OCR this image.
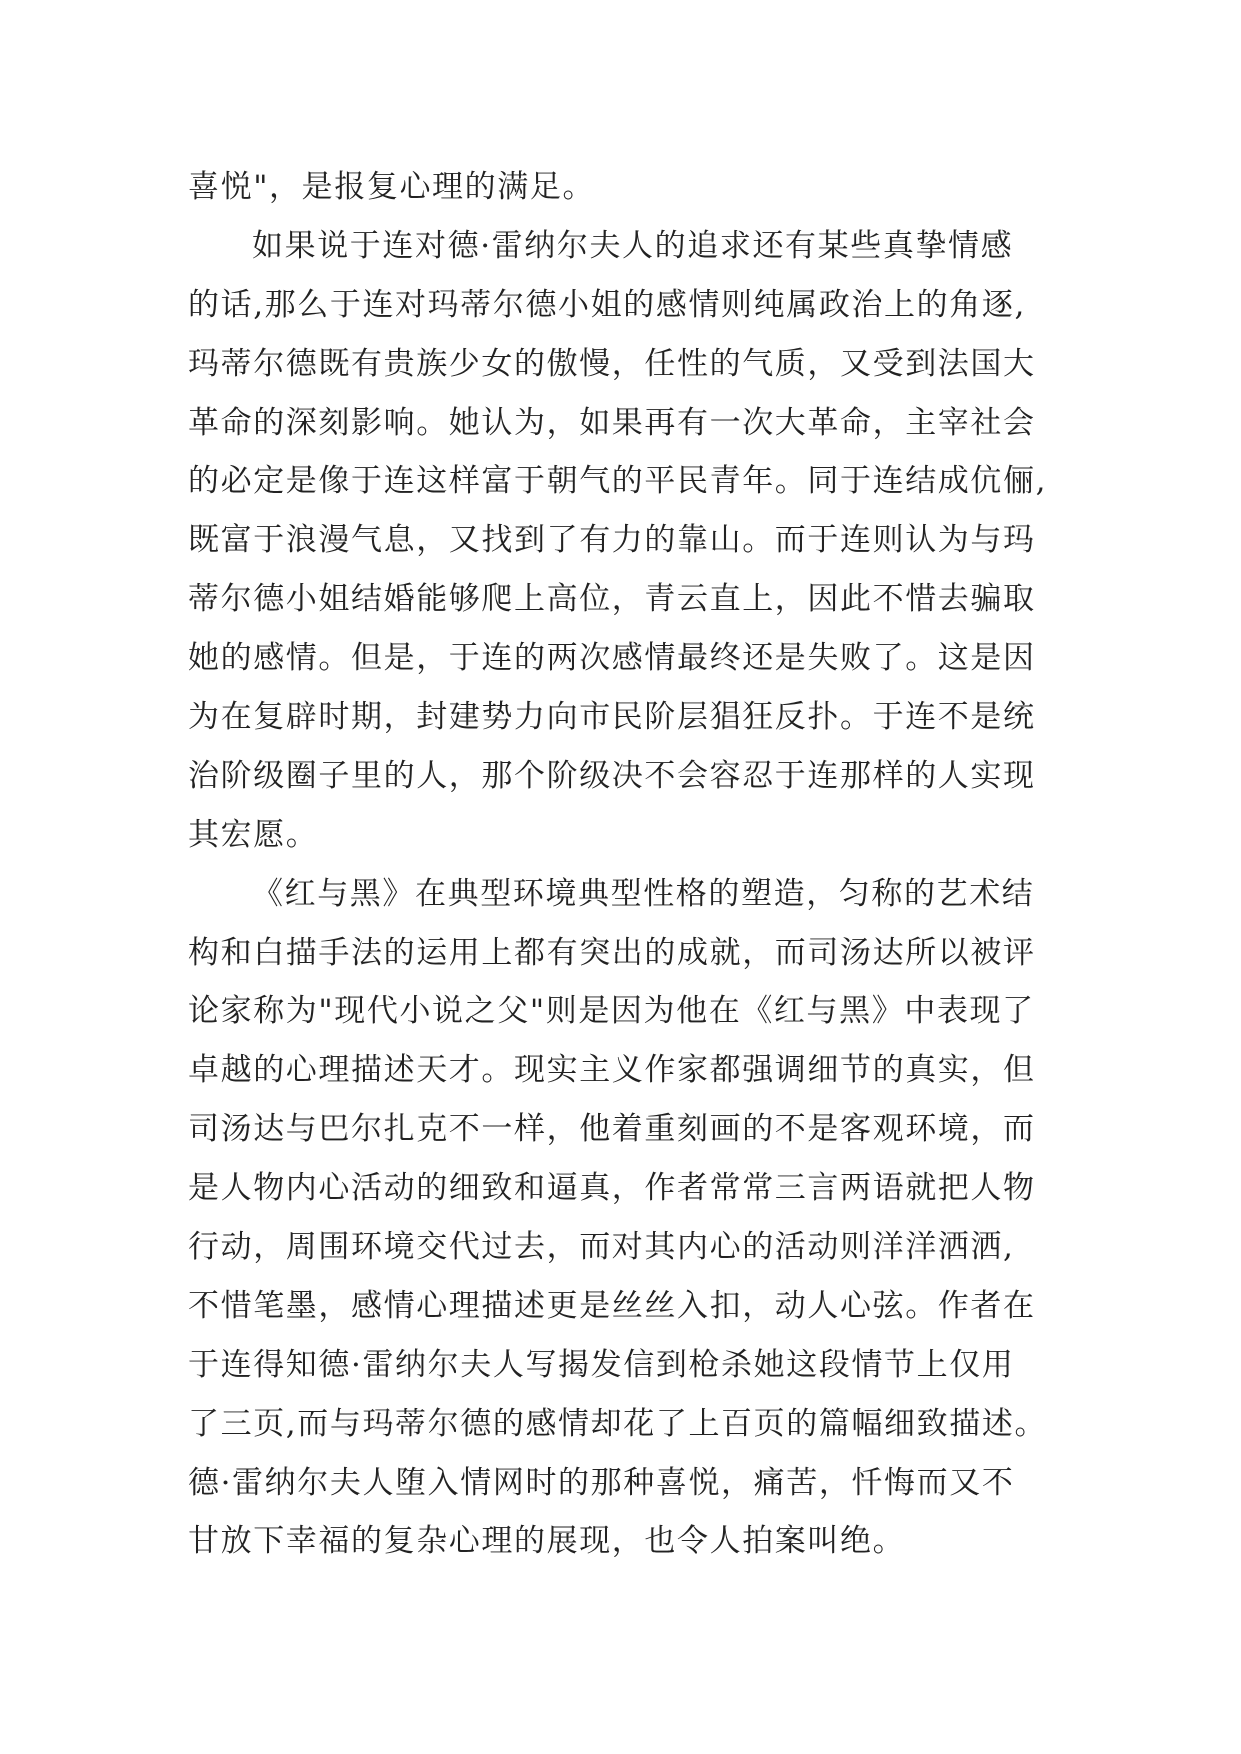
喜悦"，是报复心理的满足。
如果说于连对德·雷纳尔夫人的追求还有某些真挚情感
的话,那么于连对玛蒂尔德小姐的感情则纯属政治上的角逐,
玛蒂尔德既有贵族少女的傲慢，任性的气质，又受到法国大
革命的深刻影响。她认为，如果再有一次大革命，主宰社会
的必定是像于连这样富于朝气的平民青年。同于连结成伉俪,
既富于浪漫气息，又找到了有力的靠山。而于连则认为与玛
蒂尔德小姐结婚能够爬上高位，青云直上，因此不惜去骗取
她的感情。但是，于连的两次感情最终还是失败了。这是因
为在复辟时期，封建势力向市民阶层猖狂反扑。于连不是统
治阶级圈子里的人，那个阶级决不会容忍于连那样的人实现
其宏愿。
《红与黑》在典型环境典型性格的塑造，匀称的艺术结
构和白描手法的运用上都有突出的成就，而司汤达所以被评
论家称为"现代小说之父"则是因为他在《红与黑》中表现了
卓越的心理描述天才。现实主义作家都强调细节的真实，但
司汤达与巴尔扎克不一样，他着重刻画的不是客观环境，而
是人物内心活动的细致和逼真，作者常常三言两语就把人物
行动，周围环境交代过去，而对其内心的活动则洋洋洒洒,
不惜笔墨，感情心理描述更是丝丝入扣，动人心弦。作者在
于连得知德·雷纳尔夫人写揭发信到枪杀她这段情节上仅用
了三页,而与玛蒂尔德的感情却花了上百页的篇幅细致描述。
德·雷纳尔夫人堕入情网时的那种喜悦，痛苦，忏悔而又不
甘放下幸福的复杂心理的展现，也令人拍案叫绝。
